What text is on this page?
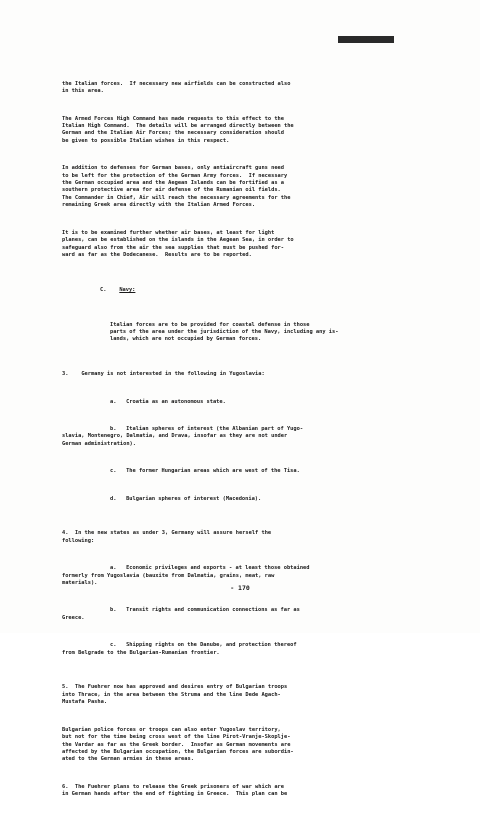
UNCLASSIFIED

the Italian forces.  If necessary new airfields can be constructed also
in this area.

The Armed Forces High Command has made requests to this effect to the
Italian High Command.  The details will be arranged directly between the
German and the Italian Air Forces; the necessary consideration should
be given to possible Italian wishes in this respect.

In addition to defenses for German bases, only antiaircraft guns need
to be left for the protection of the German Army forces.  If necessary
the German occupied area and the Aegean Islands can be fortified as a
southern protective area for air defense of the Rumanian oil fields.
The Commander in Chief, Air will reach the necessary agreements for the
remaining Greek area directly with the Italian Armed Forces.

It is to be examined further whether air bases, at least for light
planes, can be established on the islands in the Aegean Sea, in order to
safeguard also from the air the sea supplies that must be pushed for-
ward as far as the Dodecanese.  Results are to be reported.

C. Navy:

Italian forces are to be provided for coastal defense in those
parts of the area under the jurisdiction of the Navy, including any is-
lands, which are not occupied by German forces.

3. Germany is not interested in the following in Yugoslavia:

a. Croatia as an autonomous state.

b. Italian spheres of interest (the Albanian part of Yugo-
slavia, Montenegro, Dalmatia, and Drava, insofar as they are not under
German administration).

c. The former Hungarian areas which are west of the Tisa.

d. Bulgarian spheres of interest (Macedonia).

4. In the new states as under 3, Germany will assure herself the
following:

a. Economic privileges and exports - at least those obtained
formerly from Yugoslavia (bauxite from Dalmatia, grains, meat, raw
materials).

b. Transit rights and communication connections as far as
Greece.

c. Shipping rights on the Danube, and protection thereof
from Belgrade to the Bulgarian-Rumanian frontier.

5. The Fuehrer now has approved and desires entry of Bulgarian troops
into Thrace, in the area between the Struma and the line Dede Agach-
Mustafa Pasha.

Bulgarian police forces or troops can also enter Yugoslav territory,
but not for the time being cross west of the line Pirot-Vranje-Skoplje-
the Vardar as far as the Greek border.  Insofar as German movements are
affected by the Bulgarian occupation, the Bulgarian forces are subordin-
ated to the German armies in these areas.

6. The Fuehrer plans to release the Greek prisoners of war which are
in German hands after the end of fighting in Greece.  This plan can be

- 170
